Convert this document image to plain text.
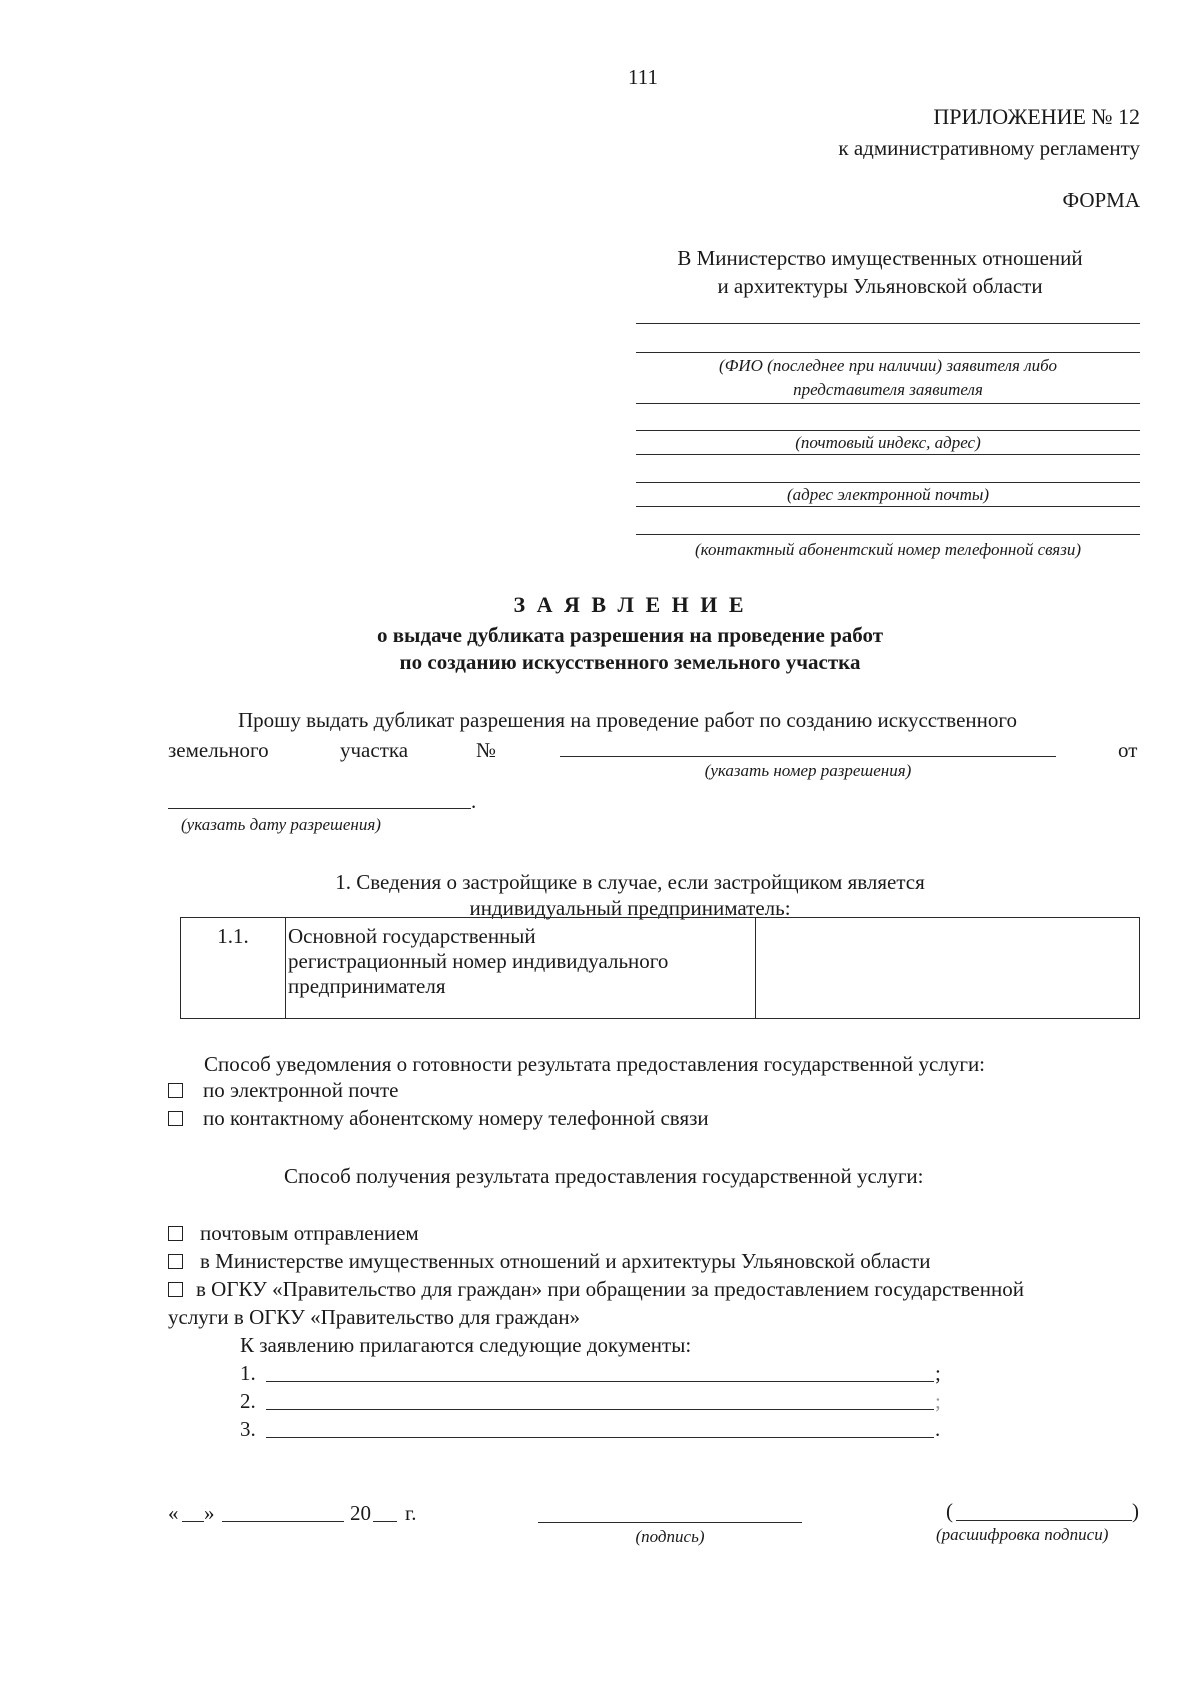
111
ПРИЛОЖЕНИЕ № 12
к административному регламенту
ФОРМА
В Министерство имущественных отношений
и архитектуры Ульяновской области
(ФИО (последнее при наличии) заявителя либо
представителя заявителя
(почтовый индекс, адрес)
(адрес электронной почты)
(контактный абонентский номер телефонной связи)
З А Я В Л Е Н И Е
о выдаче дубликата разрешения на проведение работ
по созданию искусственного земельного участка
Прошу выдать дубликат разрешения на проведение работ по созданию искусственного
земельного	участка	№	от
(указать номер разрешения)
.
(указать дату разрешения)
1. Сведения о застройщике в случае, если застройщиком является
индивидуальный предприниматель:
1.1.	Основной государственный
регистрационный номер индивидуального
предпринимателя

Способ уведомления о готовности результата предоставления государственной услуги:
по электронной почте
по контактному абонентскому номеру телефонной связи
Способ получения результата предоставления государственной услуги:
почтовым отправлением
в Министерстве имущественных отношений и архитектуры Ульяновской области
в ОГКУ «Правительство для граждан» при обращении за предоставлением государственной
услуги в ОГКУ «Правительство для граждан»
К заявлению прилагаются следующие документы:
1.	;
2.	;
3.	.
« »	20 г.
(подпись)
(	)
(расшифровка подписи)
